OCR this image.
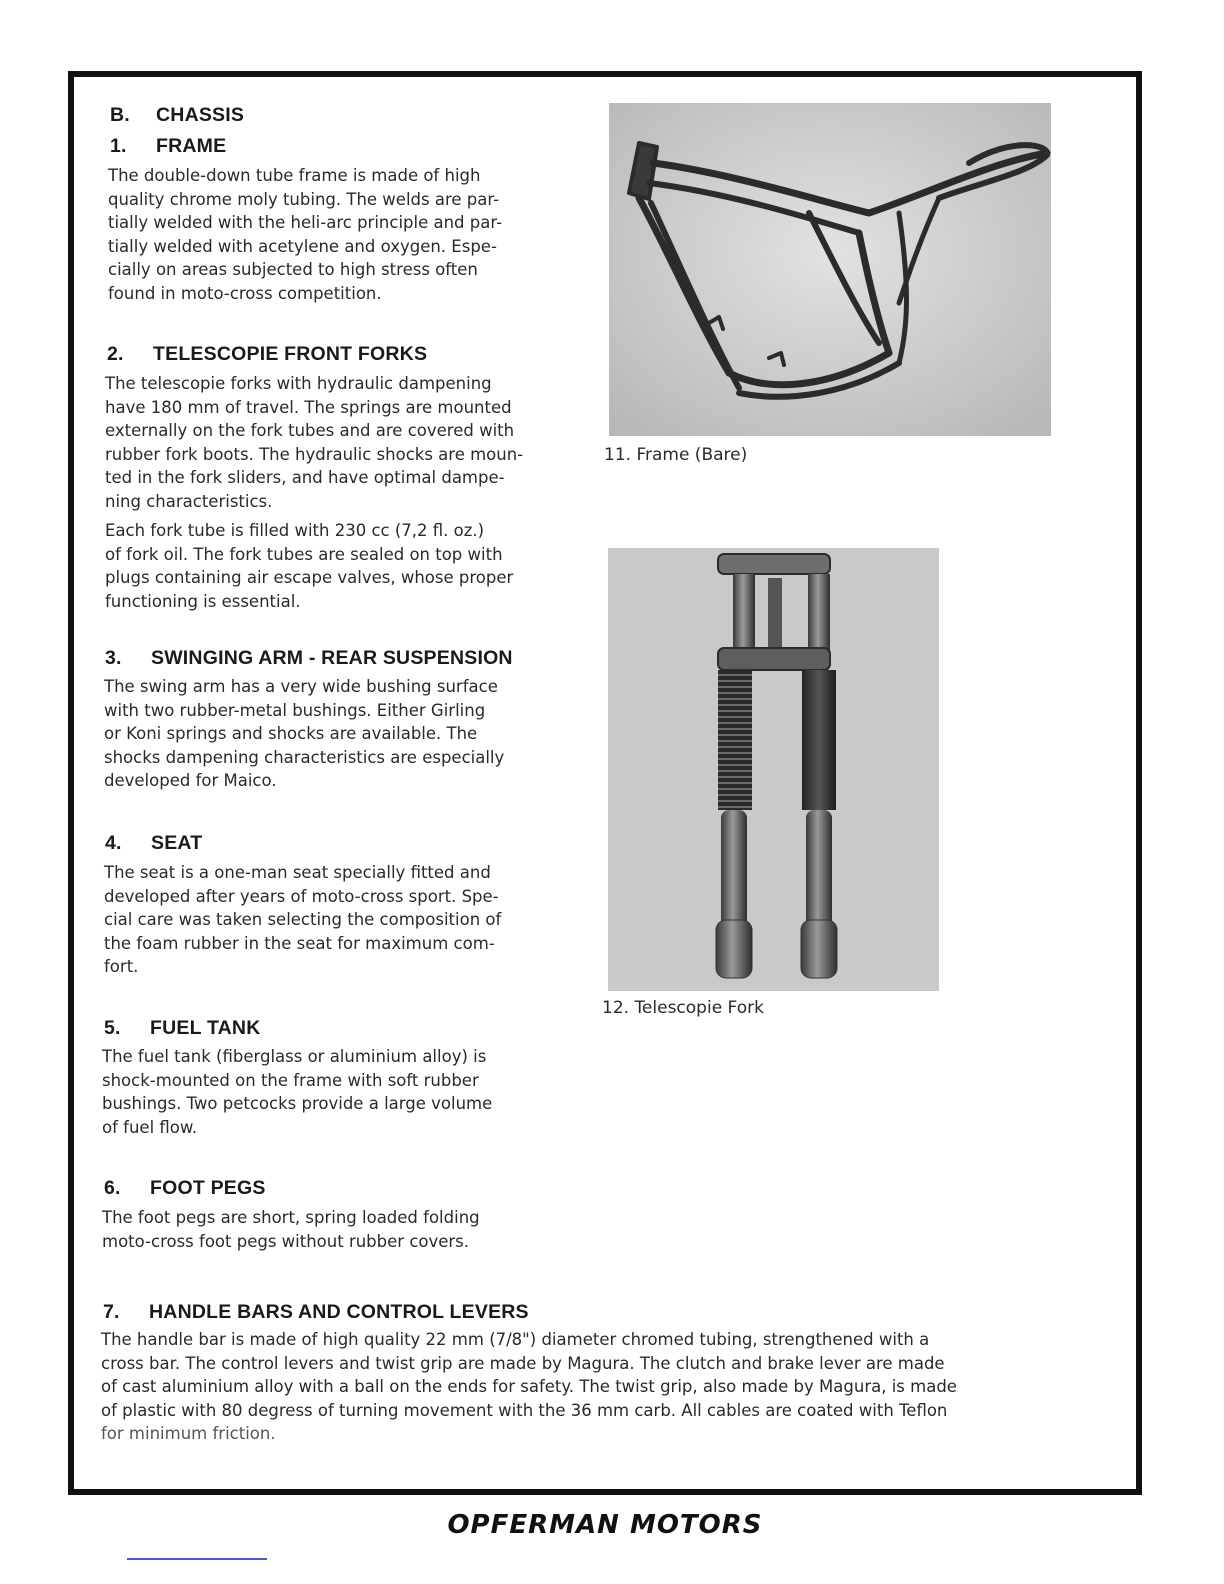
B. CHASSIS
1. FRAME
The double-down tube frame is made of high
quality chrome moly tubing. The welds are par-
tially welded with the heli-arc principle and par-
tially welded with acetylene and oxygen. Espe-
cially on areas subjected to high stress often
found in moto-cross competition.
2. TELESCOPIE FRONT FORKS
The telescopie forks with hydraulic dampening
have 180 mm of travel. The springs are mounted
externally on the fork tubes and are covered with
rubber fork boots. The hydraulic shocks are moun-
ted in the fork sliders, and have optimal dampe-
ning characteristics.
Each fork tube is filled with 230 cc (7,2 fl. oz.)
of fork oil. The fork tubes are sealed on top with
plugs containing air escape valves, whose proper
functioning is essential.
3. SWINGING ARM - REAR SUSPENSION
The swing arm has a very wide bushing surface
with two rubber-metal bushings. Either Girling
or Koni springs and shocks are available. The
shocks dampening characteristics are especially
developed for Maico.
4. SEAT
The seat is a one-man seat specially fitted and
developed after years of moto-cross sport. Spe-
cial care was taken selecting the composition of
the foam rubber in the seat for maximum com-
fort.
5. FUEL TANK
The fuel tank (fiberglass or aluminium alloy) is
shock-mounted on the frame with soft rubber
bushings. Two petcocks provide a large volume
of fuel flow.
6. FOOT PEGS
The foot pegs are short, spring loaded folding
moto-cross foot pegs without rubber covers.
7. HANDLE BARS AND CONTROL LEVERS
The handle bar is made of high quality 22 mm (7/8") diameter chromed tubing, strengthened with a
cross bar. The control levers and twist grip are made by Magura. The clutch and brake lever are made
of cast aluminium alloy with a ball on the ends for safety. The twist grip, also made by Magura, is made
of plastic with 80 degress of turning movement with the 36 mm carb. All cables are coated with Teflon
for minimum friction.
11. Frame (Bare)
12. Telescopie Fork
OPFERMAN MOTORS
